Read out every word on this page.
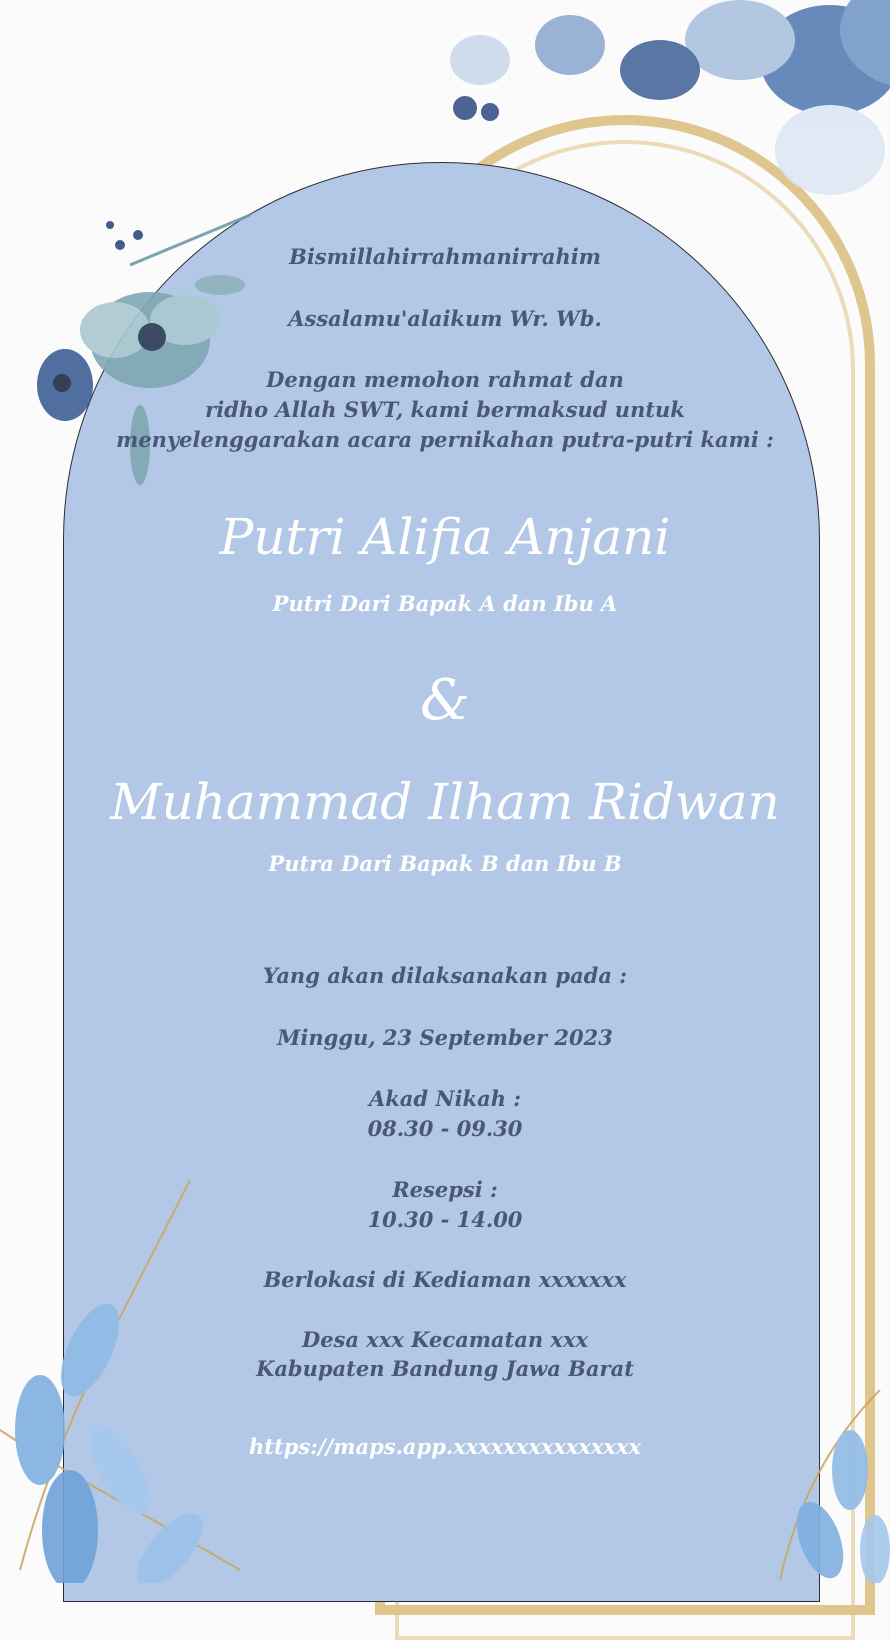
Bismillahirrahmanirrahim
Assalamu'alaikum Wr. Wb.
Dengan memohon rahmat dan
ridho Allah SWT, kami bermaksud untuk
menyelenggarakan acara pernikahan putra-putri kami :
Putri Alifia Anjani
Putri Dari Bapak A dan Ibu A
&
Muhammad Ilham Ridwan
Putra Dari Bapak B dan Ibu B
Yang akan dilaksanakan pada :
Minggu, 23 September 2023
Akad Nikah :
08.30 - 09.30
Resepsi :
10.30 - 14.00
Berlokasi di Kediaman xxxxxxx
Desa xxx Kecamatan xxx
Kabupaten Bandung Jawa Barat
https://maps.app.xxxxxxxxxxxxxxx
